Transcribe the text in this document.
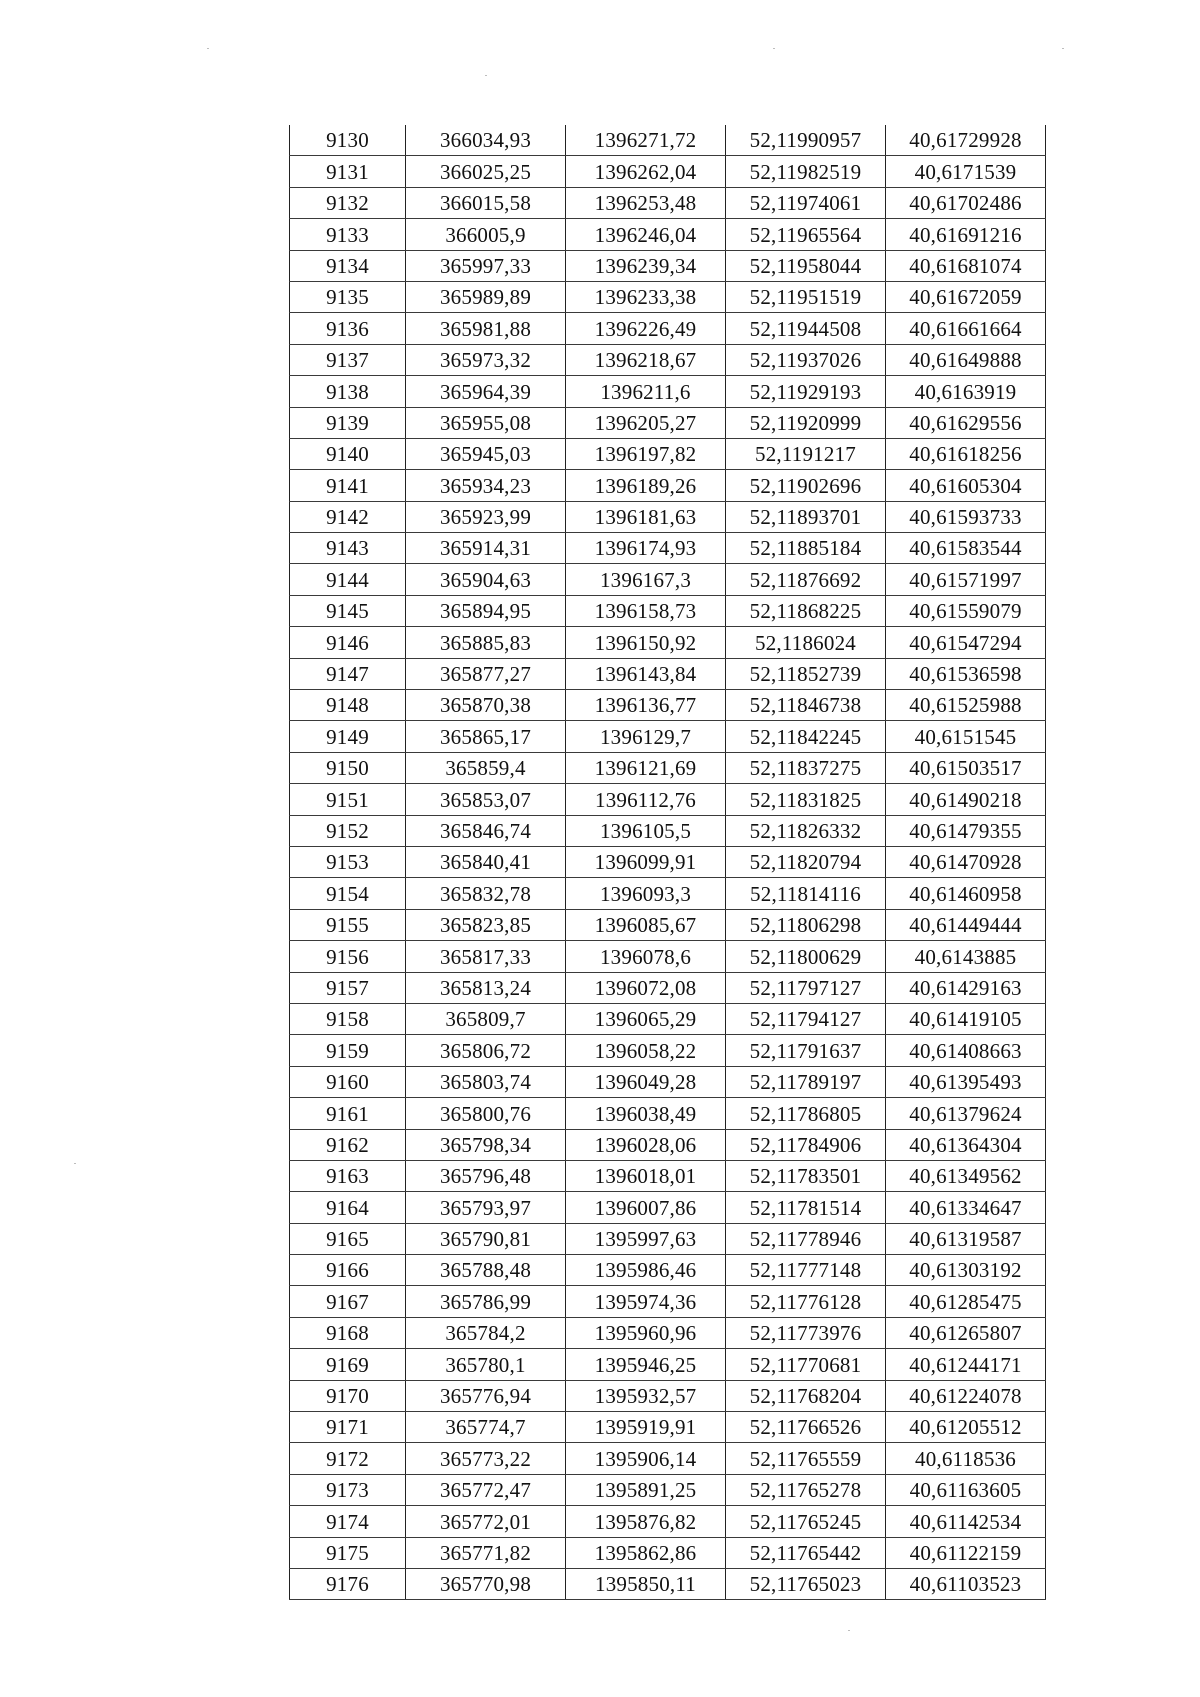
9130	366034,93	1396271,72	52,11990957	40,61729928
9131	366025,25	1396262,04	52,11982519	40,6171539
9132	366015,58	1396253,48	52,11974061	40,61702486
9133	366005,9	1396246,04	52,11965564	40,61691216
9134	365997,33	1396239,34	52,11958044	40,61681074
9135	365989,89	1396233,38	52,11951519	40,61672059
9136	365981,88	1396226,49	52,11944508	40,61661664
9137	365973,32	1396218,67	52,11937026	40,61649888
9138	365964,39	1396211,6	52,11929193	40,6163919
9139	365955,08	1396205,27	52,11920999	40,61629556
9140	365945,03	1396197,82	52,1191217	40,61618256
9141	365934,23	1396189,26	52,11902696	40,61605304
9142	365923,99	1396181,63	52,11893701	40,61593733
9143	365914,31	1396174,93	52,11885184	40,61583544
9144	365904,63	1396167,3	52,11876692	40,61571997
9145	365894,95	1396158,73	52,11868225	40,61559079
9146	365885,83	1396150,92	52,1186024	40,61547294
9147	365877,27	1396143,84	52,11852739	40,61536598
9148	365870,38	1396136,77	52,11846738	40,61525988
9149	365865,17	1396129,7	52,11842245	40,6151545
9150	365859,4	1396121,69	52,11837275	40,61503517
9151	365853,07	1396112,76	52,11831825	40,61490218
9152	365846,74	1396105,5	52,11826332	40,61479355
9153	365840,41	1396099,91	52,11820794	40,61470928
9154	365832,78	1396093,3	52,11814116	40,61460958
9155	365823,85	1396085,67	52,11806298	40,61449444
9156	365817,33	1396078,6	52,11800629	40,6143885
9157	365813,24	1396072,08	52,11797127	40,61429163
9158	365809,7	1396065,29	52,11794127	40,61419105
9159	365806,72	1396058,22	52,11791637	40,61408663
9160	365803,74	1396049,28	52,11789197	40,61395493
9161	365800,76	1396038,49	52,11786805	40,61379624
9162	365798,34	1396028,06	52,11784906	40,61364304
9163	365796,48	1396018,01	52,11783501	40,61349562
9164	365793,97	1396007,86	52,11781514	40,61334647
9165	365790,81	1395997,63	52,11778946	40,61319587
9166	365788,48	1395986,46	52,11777148	40,61303192
9167	365786,99	1395974,36	52,11776128	40,61285475
9168	365784,2	1395960,96	52,11773976	40,61265807
9169	365780,1	1395946,25	52,11770681	40,61244171
9170	365776,94	1395932,57	52,11768204	40,61224078
9171	365774,7	1395919,91	52,11766526	40,61205512
9172	365773,22	1395906,14	52,11765559	40,6118536
9173	365772,47	1395891,25	52,11765278	40,61163605
9174	365772,01	1395876,82	52,11765245	40,61142534
9175	365771,82	1395862,86	52,11765442	40,61122159
9176	365770,98	1395850,11	52,11765023	40,61103523
